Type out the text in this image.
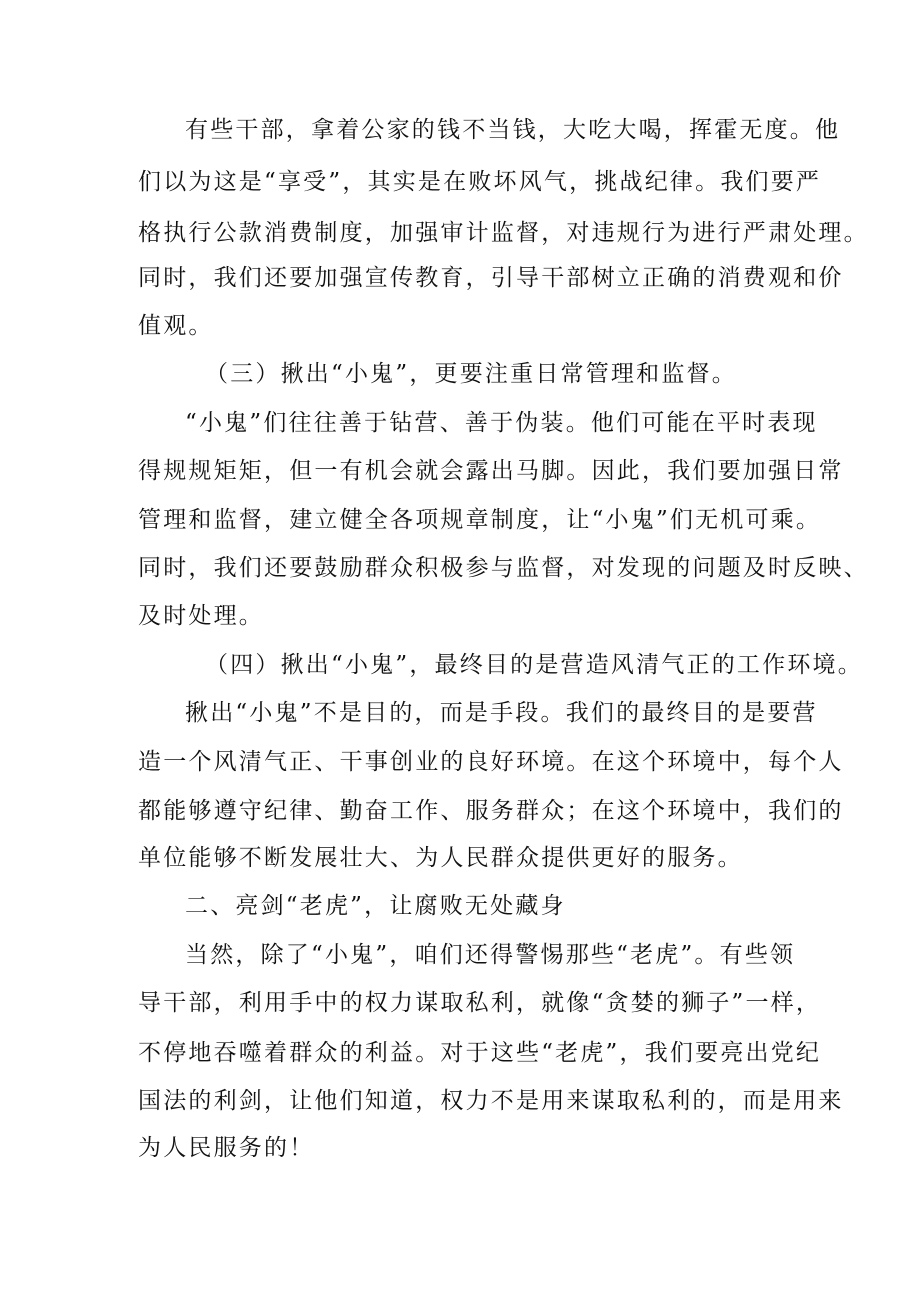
有些干部，拿着公家的钱不当钱，大吃大喝，挥霍无度。他
们以为这是“享受”，其实是在败坏风气，挑战纪律。我们要严
格执行公款消费制度，加强审计监督，对违规行为进行严肃处理。
同时，我们还要加强宣传教育，引导干部树立正确的消费观和价
值观。
（三）揪出“小鬼”，更要注重日常管理和监督。
“小鬼”们往往善于钻营、善于伪装。他们可能在平时表现
得规规矩矩，但一有机会就会露出马脚。因此，我们要加强日常
管理和监督，建立健全各项规章制度，让“小鬼”们无机可乘。
同时，我们还要鼓励群众积极参与监督，对发现的问题及时反映、
及时处理。
（四）揪出“小鬼”，最终目的是营造风清气正的工作环境。
揪出“小鬼”不是目的，而是手段。我们的最终目的是要营
造一个风清气正、干事创业的良好环境。在这个环境中，每个人
都能够遵守纪律、勤奋工作、服务群众；在这个环境中，我们的
单位能够不断发展壮大、为人民群众提供更好的服务。
二、亮剑“老虎”，让腐败无处藏身
当然，除了“小鬼”，咱们还得警惕那些“老虎”。有些领
导干部，利用手中的权力谋取私利，就像“贪婪的狮子”一样，
不停地吞噬着群众的利益。对于这些“老虎”，我们要亮出党纪
国法的利剑，让他们知道，权力不是用来谋取私利的，而是用来
为人民服务的！
